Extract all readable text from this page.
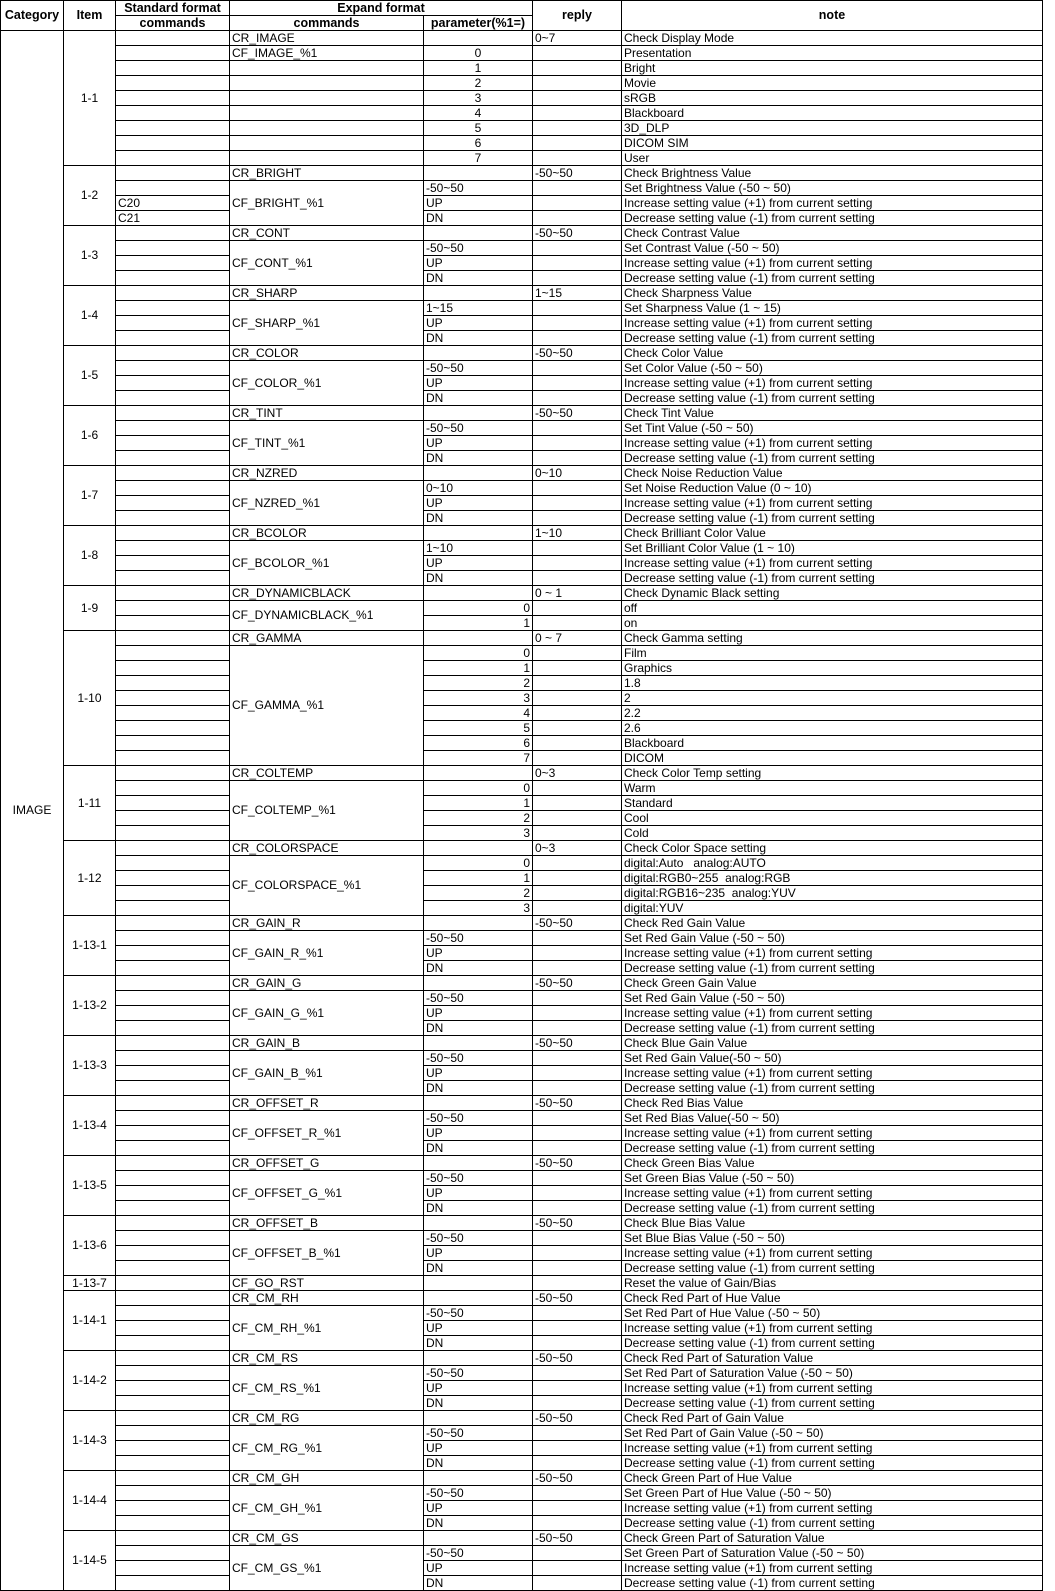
Category	Item	Standard format	Expand format		reply	note
		commands	commands	parameter(%1=)		
IMAGE	1-1		CR_IMAGE		0~7	Check Display Mode
			CF_IMAGE_%1	0		Presentation
				1		Bright
				2		Movie
				3		sRGB
				4		Blackboard
				5		3D_DLP
				6		DICOM SIM
				7		User
	1-2		CR_BRIGHT		-50~50	Check Brightness Value
			CF_BRIGHT_%1	-50~50		Set Brightness Value (-50 ~ 50)
		C20		UP		Increase setting value (+1) from current setting
		C21		DN		Decrease setting value (-1) from current setting
	1-3		CR_CONT		-50~50	Check Contrast Value
			CF_CONT_%1	-50~50		Set Contrast Value (-50 ~ 50)
				UP		Increase setting value (+1) from current setting
				DN		Decrease setting value (-1) from current setting
	1-4		CR_SHARP		1~15	Check Sharpness Value
			CF_SHARP_%1	1~15		Set Sharpness Value (1 ~ 15)
				UP		Increase setting value (+1) from current setting
				DN		Decrease setting value (-1) from current setting
	1-5		CR_COLOR		-50~50	Check Color Value
			CF_COLOR_%1	-50~50		Set Color Value (-50 ~ 50)
				UP		Increase setting value (+1) from current setting
				DN		Decrease setting value (-1) from current setting
	1-6		CR_TINT		-50~50	Check Tint Value
			CF_TINT_%1	-50~50		Set Tint Value (-50 ~ 50)
				UP		Increase setting value (+1) from current setting
				DN		Decrease setting value (-1) from current setting
	1-7		CR_NZRED		0~10	Check Noise Reduction Value
			CF_NZRED_%1	0~10		Set Noise Reduction Value (0 ~ 10)
				UP		Increase setting value (+1) from current setting
				DN		Decrease setting value (-1) from current setting
	1-8		CR_BCOLOR		1~10	Check Brilliant Color Value
			CF_BCOLOR_%1	1~10		Set Brilliant Color Value (1 ~ 10)
				UP		Increase setting value (+1) from current setting
				DN		Decrease setting value (-1) from current setting
	1-9		CR_DYNAMICBLACK		0 ~ 1	Check Dynamic Black setting
			CF_DYNAMICBLACK_%1	0		off
				1		on
	1-10		CR_GAMMA		0 ~ 7	Check Gamma setting
			CF_GAMMA_%1	0		Film
				1		Graphics
				2		1.8
				3		2
				4		2.2
				5		2.6
				6		Blackboard
				7		DICOM
	1-11		CR_COLTEMP		0~3	Check Color Temp setting
			CF_COLTEMP_%1	0		Warm
				1		Standard
				2		Cool
				3		Cold
	1-12		CR_COLORSPACE		0~3	Check Color Space setting
			CF_COLORSPACE_%1	0		digital:Auto   analog:AUTO
				1		digital:RGB0~255  analog:RGB
				2		digital:RGB16~235  analog:YUV
				3		digital:YUV
	1-13-1		CR_GAIN_R		-50~50	Check Red Gain Value
			CF_GAIN_R_%1	-50~50		Set Red Gain Value (-50 ~ 50)
				UP		Increase setting value (+1) from current setting
				DN		Decrease setting value (-1) from current setting
	1-13-2		CR_GAIN_G		-50~50	Check Green Gain Value
			CF_GAIN_G_%1	-50~50		Set Red Gain Value (-50 ~ 50)
				UP		Increase setting value (+1) from current setting
				DN		Decrease setting value (-1) from current setting
	1-13-3		CR_GAIN_B		-50~50	Check Blue Gain Value
			CF_GAIN_B_%1	-50~50		Set Red Gain Value(-50 ~ 50)
				UP		Increase setting value (+1) from current setting
				DN		Decrease setting value (-1) from current setting
	1-13-4		CR_OFFSET_R		-50~50	Check Red Bias Value
			CF_OFFSET_R_%1	-50~50		Set Red Bias Value(-50 ~ 50)
				UP		Increase setting value (+1) from current setting
				DN		Decrease setting value (-1) from current setting
	1-13-5		CR_OFFSET_G		-50~50	Check Green Bias Value
			CF_OFFSET_G_%1	-50~50		Set Green Bias Value (-50 ~ 50)
				UP		Increase setting value (+1) from current setting
				DN		Decrease setting value (-1) from current setting
	1-13-6		CR_OFFSET_B		-50~50	Check Blue Bias Value
			CF_OFFSET_B_%1	-50~50		Set Blue Bias Value (-50 ~ 50)
				UP		Increase setting value (+1) from current setting
				DN		Decrease setting value (-1) from current setting
	1-13-7		CF_GO_RST			Reset the value of Gain/Bias
	1-14-1		CR_CM_RH		-50~50	Check Red Part of Hue Value
			CF_CM_RH_%1	-50~50		Set Red Part of Hue Value (-50 ~ 50)
				UP		Increase setting value (+1) from current setting
				DN		Decrease setting value (-1) from current setting
	1-14-2		CR_CM_RS		-50~50	Check Red Part of Saturation Value
			CF_CM_RS_%1	-50~50		Set Red Part of Saturation Value (-50 ~ 50)
				UP		Increase setting value (+1) from current setting
				DN		Decrease setting value (-1) from current setting
	1-14-3		CR_CM_RG		-50~50	Check Red Part of Gain Value
			CF_CM_RG_%1	-50~50		Set Red Part of Gain Value (-50 ~ 50)
				UP		Increase setting value (+1) from current setting
				DN		Decrease setting value (-1) from current setting
	1-14-4		CR_CM_GH		-50~50	Check Green Part of Hue Value
			CF_CM_GH_%1	-50~50		Set Green Part of Hue Value (-50 ~ 50)
				UP		Increase setting value (+1) from current setting
				DN		Decrease setting value (-1) from current setting
	1-14-5		CR_CM_GS		-50~50	Check Green Part of Saturation Value
			CF_CM_GS_%1	-50~50		Set Green Part of Saturation Value (-50 ~ 50)
				UP		Increase setting value (+1) from current setting
				DN		Decrease setting value (-1) from current setting
